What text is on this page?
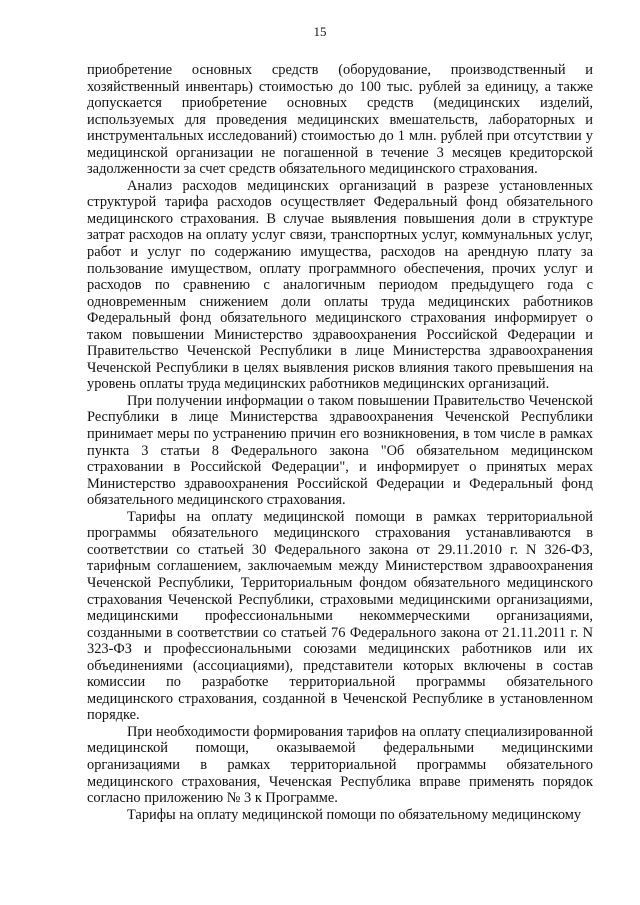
15

приобретение основных средств (оборудование, производственный и хозяйственный инвентарь) стоимостью до 100 тыс. рублей за единицу, а также допускается приобретение основных средств (медицинских изделий, используемых для проведения медицинских вмешательств, лабораторных и инструментальных исследований) стоимостью до 1 млн. рублей при отсутствии у медицинской организации не погашенной в течение 3 месяцев кредиторской задолженности за счет средств обязательного медицинского страхования.

Анализ расходов медицинских организаций в разрезе установленных структурой тарифа расходов осуществляет Федеральный фонд обязательного медицинского страхования. В случае выявления повышения доли в структуре затрат расходов на оплату услуг связи, транспортных услуг, коммунальных услуг, работ и услуг по содержанию имущества, расходов на арендную плату за пользование имуществом, оплату программного обеспечения, прочих услуг и расходов по сравнению с аналогичным периодом предыдущего года с одновременным снижением доли оплаты труда медицинских работников Федеральный фонд обязательного медицинского страхования информирует о таком повышении Министерство здравоохранения Российской Федерации и Правительство Чеченской Республики в лице Министерства здравоохранения Чеченской Республики в целях выявления рисков влияния такого превышения на уровень оплаты труда медицинских работников медицинских организаций.

При получении информации о таком повышении Правительство Чеченской Республики в лице Министерства здравоохранения Чеченской Республики принимает меры по устранению причин его возникновения, в том числе в рамках пункта 3 статьи 8 Федерального закона "Об обязательном медицинском страховании в Российской Федерации", и информирует о принятых мерах Министерство здравоохранения Российской Федерации и Федеральный фонд обязательного медицинского страхования.

Тарифы на оплату медицинской помощи в рамках территориальной программы обязательного медицинского страхования устанавливаются в соответствии со статьей 30 Федерального закона от 29.11.2010 г. N 326-ФЗ, тарифным соглашением, заключаемым между Министерством здравоохранения Чеченской Республики, Территориальным фондом обязательного медицинского страхования Чеченской Республики, страховыми медицинскими организациями, медицинскими профессиональными некоммерческими организациями, созданными в соответствии со статьей 76 Федерального закона от 21.11.2011 г. N 323-ФЗ и профессиональными союзами медицинских работников или их объединениями (ассоциациями), представители которых включены в состав комиссии по разработке территориальной программы обязательного медицинского страхования, созданной в Чеченской Республике в установленном порядке.

При необходимости формирования тарифов на оплату специализированной медицинской помощи, оказываемой федеральными медицинскими организациями в рамках территориальной программы обязательного медицинского страхования, Чеченская Республика вправе применять порядок согласно приложению № 3 к Программе.

Тарифы на оплату медицинской помощи по обязательному медицинскому
